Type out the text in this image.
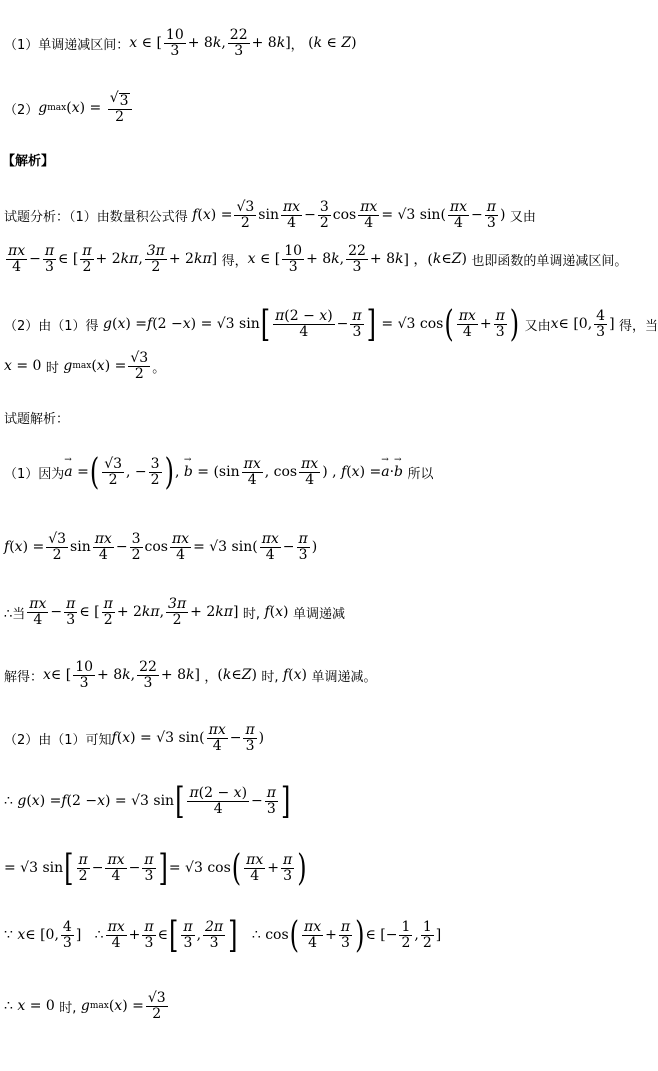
（1）单调递减区间： x ∈ [ $\frac{10}{3} + 8$ k , $\frac{22}{3} + 8$ k ] ， ( k ∈ Z )
（2） g max ( x ) = $\frac{√ 3}{2}$
【解析】
试题分析：（1）由数量积公式得
f ( x ) = $\frac{√3}{2}$ $\sin \frac{\pi x}{4} - \frac{3}{2}$ $\cos \frac{\pi x}{4} = √3$ $\sin( \frac{\pi x}{4} - \frac{\pi}{3}$ ) 又由
$\frac{\pi x}{4} - \frac{\pi}{3}$ ∈ [ $\frac{\pi}{2} + 2$ kπ , $\frac{3\pi}{2} + 2$ kπ ] 得， x ∈ [ $\frac{10}{3} + 8$ k , $\frac{22}{3} + 8$ k ] ，( k ∈ Z ) 也即函数的单调递减区间。
（2）由（1）得
g ( x ) = f (2 − x ) = √3 sin [ $\frac{\pi(2 - x)}{4} - \frac{\pi}{3}$ ] = √3 cos ( $\frac{\pi x}{4} + \frac{\pi}{3}$ )
又由 x ∈ [0, $\frac{4}{3}$ ] 得，当
x = 0 时
g max ( x ) = $\frac{√3}{2}$ 。
试题解析：
（1）因为 → a = ( $\frac{√3}{2}$ , − $\frac{3}{2}$ ) , → $b = (\sin \frac{\pi x}{4}$ , $\cos \frac{\pi x}{4}$ ) , f ( x ) = → a · → b
所以
f ( x ) = $\frac{√3}{2}$ $\sin \frac{\pi x}{4} - \frac{3}{2}$ $\cos \frac{\pi x}{4} = √3$ $\sin( \frac{\pi x}{4} - \frac{\pi}{3}$ )
∴当 $\frac{\pi x}{4} - \frac{\pi}{3}$ ∈ [ $\frac{\pi}{2} + 2$ kπ , $\frac{3\pi}{2} + 2$ kπ ] 时,
f ( x ) 单调递减
解得： x ∈ [ $\frac{10}{3} + 8$ k , $\frac{22}{3} + 8$ k ] ， ( k ∈ Z ) 时,
f ( x ) 单调递减。
（2）由（1）可知 f ( x ) = √3 $\sin( \frac{\pi x}{4} - \frac{\pi}{3}$ )
∴ g ( x ) = f (2 − x ) = √3 sin [ $\frac{\pi(2 - x)}{4} - \frac{\pi}{3}$ ]
= √3 sin [ $\frac{\pi}{2} - \frac{\pi x}{4} - \frac{\pi}{3}$ ] = √3 cos ( $\frac{\pi x}{4} + \frac{\pi}{3}$ )
∵ x ∈ [0, $\frac{4}{3}$ ]   ∴ $\frac{\pi x}{4} + \frac{\pi}{3}$ ∈ [ $\frac{\pi}{3}$ , $\frac{2\pi}{3}$ ] ∴ cos ( $\frac{\pi x}{4} + \frac{\pi}{3}$ ) ∈ [− $\frac{1}{2}$ , $\frac{1}{2}$ ]
∴ x = 0 时,
g max ( x ) = $\frac{√3}{2}$
